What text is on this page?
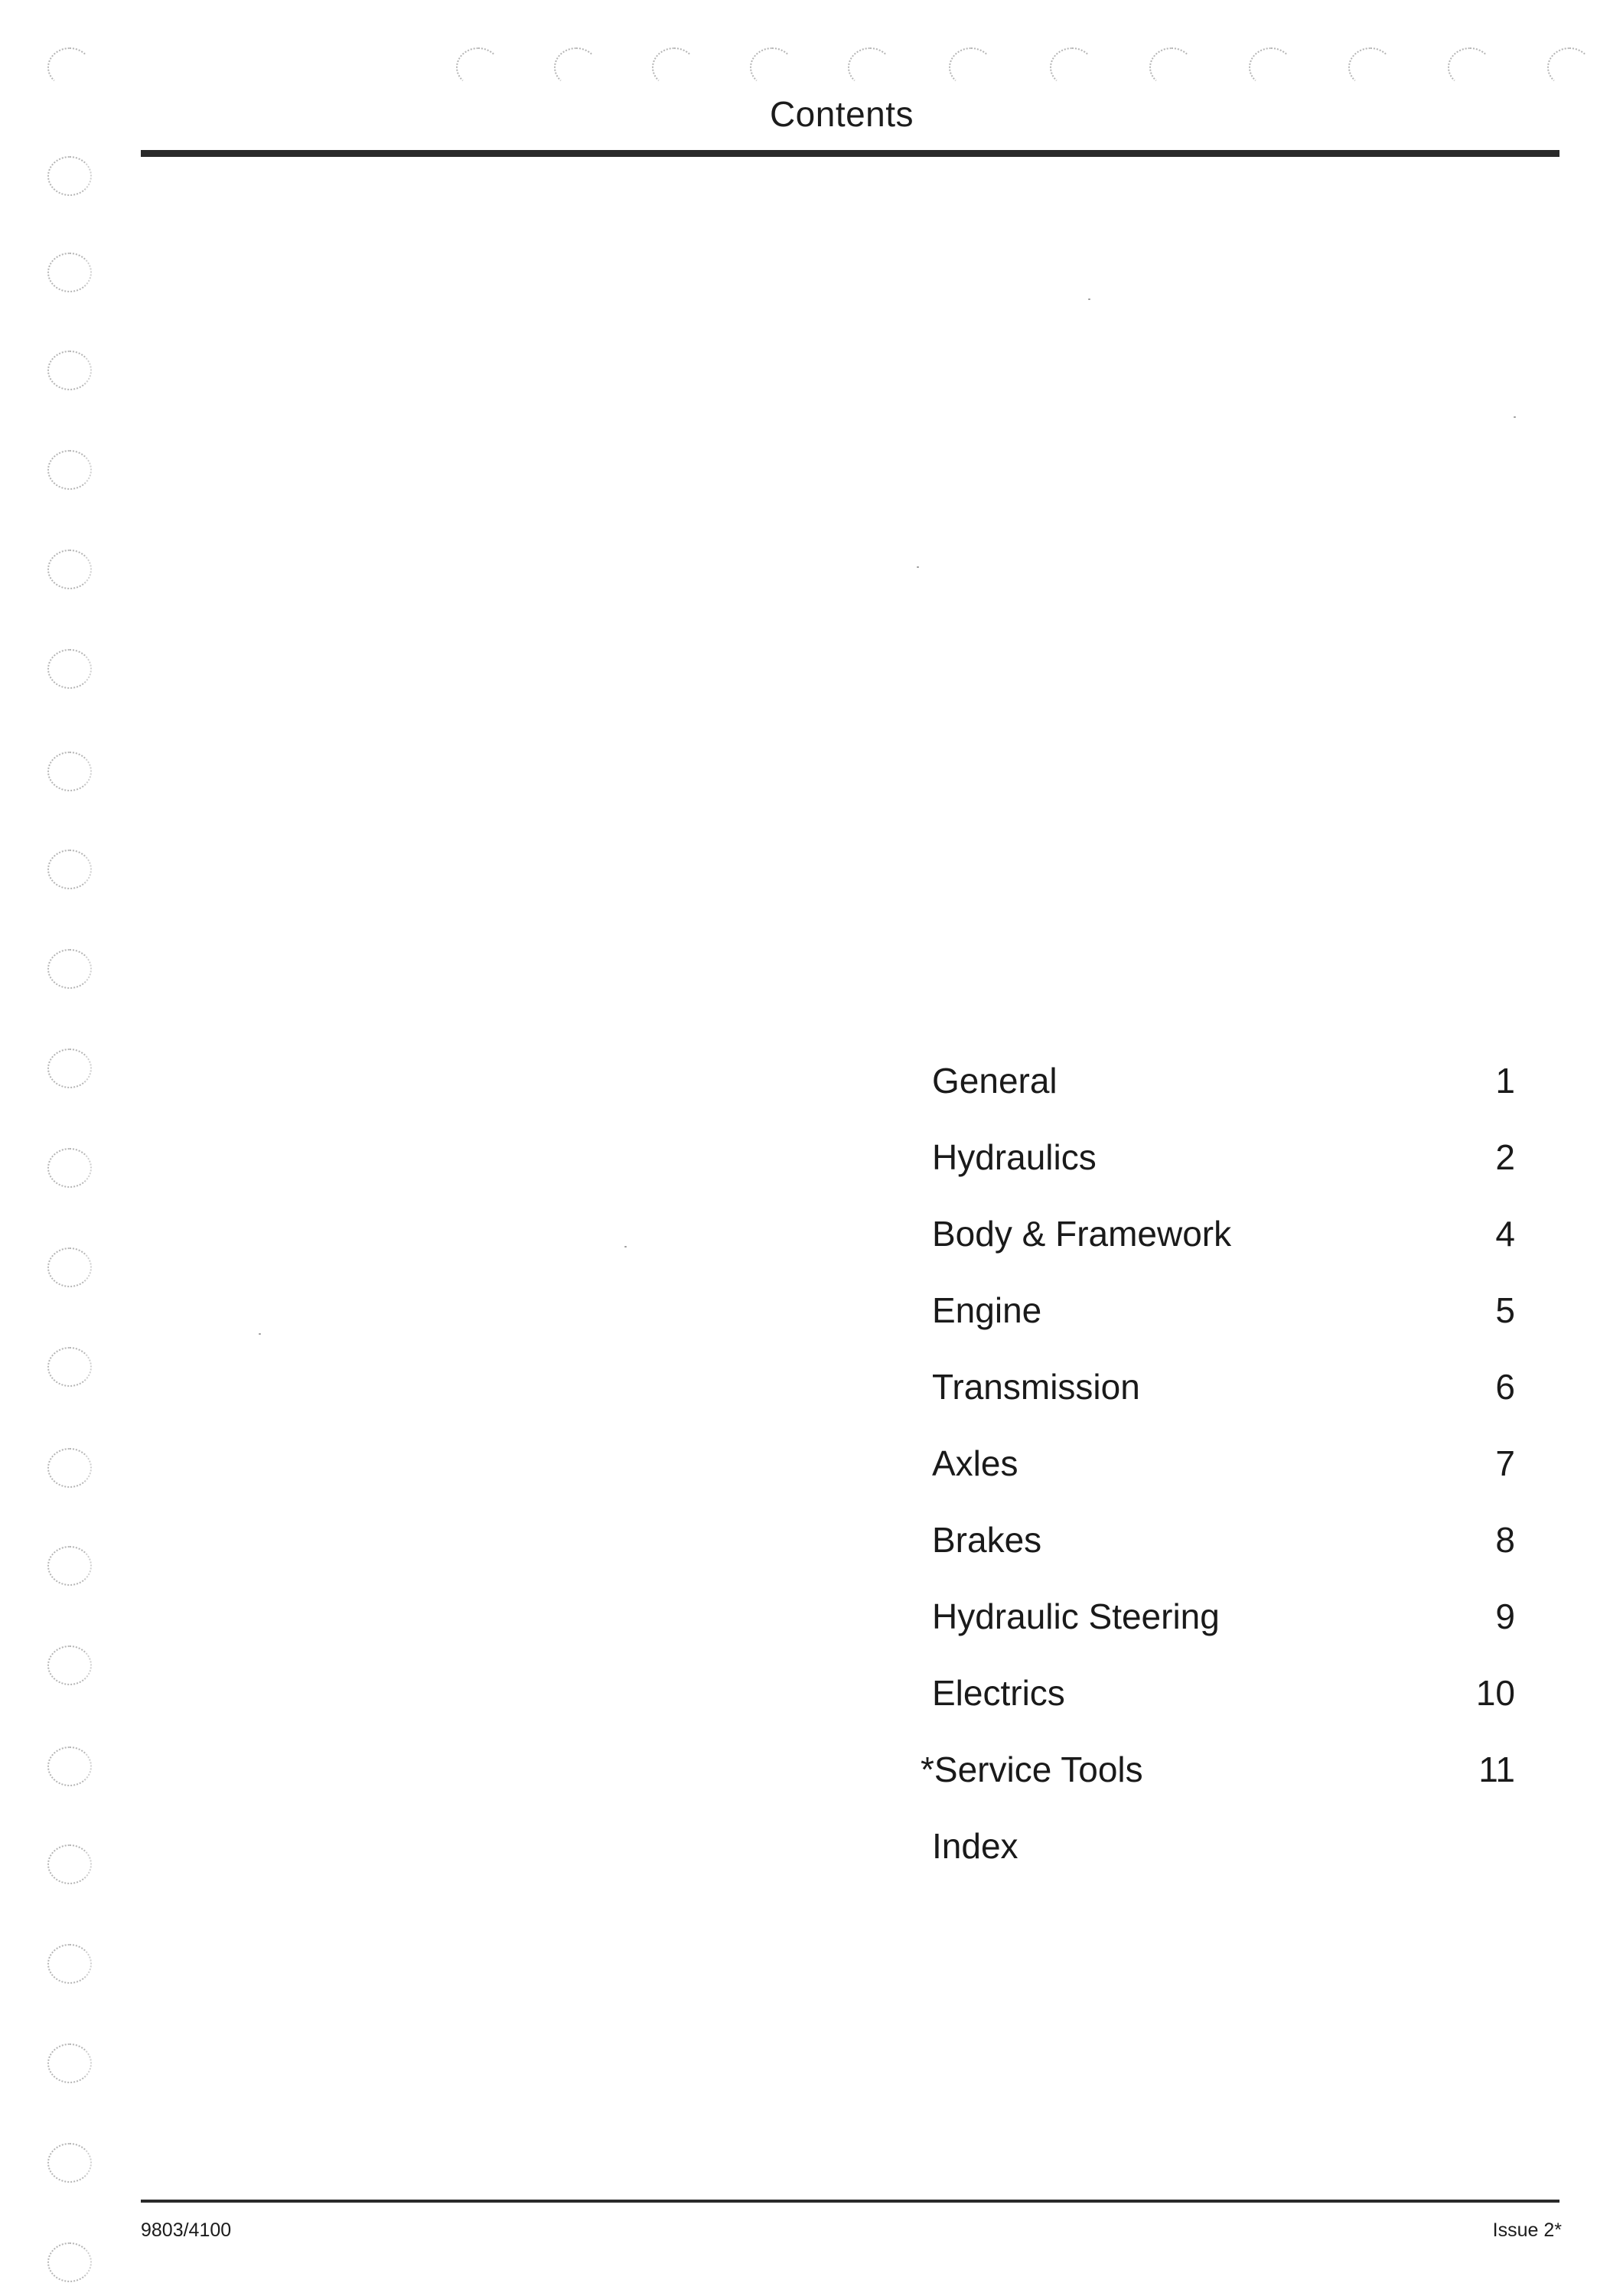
Contents
General	1
Hydraulics	2
Body & Framework	4
Engine	5
Transmission	6
Axles	7
Brakes	8
Hydraulic Steering	9
Electrics	10
*Service Tools	11
Index
9803/4100	Issue 2*
